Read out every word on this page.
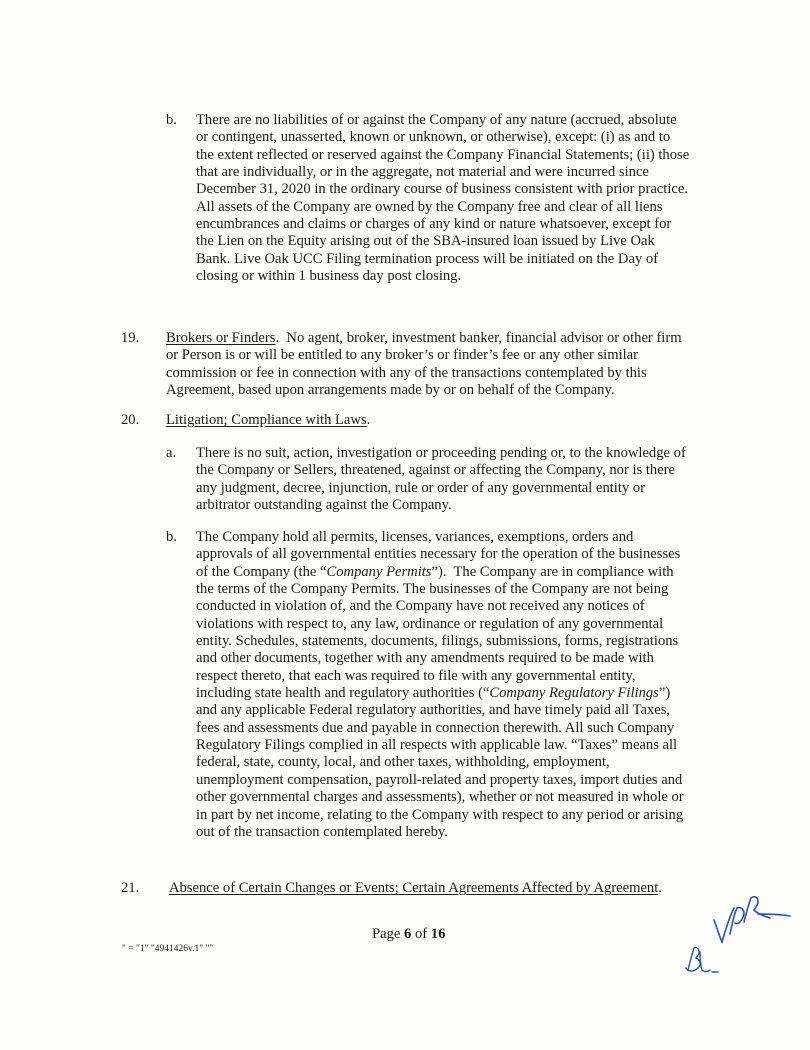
b. There are no liabilities of or against the Company of any nature (accrued, absolute
or contingent, unasserted, known or unknown, or otherwise), except: (i) as and to
the extent reflected or reserved against the Company Financial Statements; (ii) those
that are individually, or in the aggregate, not material and were incurred since
December 31, 2020 in the ordinary course of business consistent with prior practice.
All assets of the Company are owned by the Company free and clear of all liens
encumbrances and claims or charges of any kind or nature whatsoever, except for
the Lien on the Equity arising out of the SBA-insured loan issued by Live Oak
Bank. Live Oak UCC Filing termination process will be initiated on the Day of
closing or within 1 business day post closing.
19. Brokers or Finders.  No agent, broker, investment banker, financial advisor or other firm
or Person is or will be entitled to any broker’s or finder’s fee or any other similar
commission or fee in connection with any of the transactions contemplated by this
Agreement, based upon arrangements made by or on behalf of the Company.
20. Litigation; Compliance with Laws.
a. There is no suit, action, investigation or proceeding pending or, to the knowledge of
the Company or Sellers, threatened, against or affecting the Company, nor is there
any judgment, decree, injunction, rule or order of any governmental entity or
arbitrator outstanding against the Company.
b. The Company hold all permits, licenses, variances, exemptions, orders and
approvals of all governmental entities necessary for the operation of the businesses
of the Company (the “Company Permits”).  The Company are in compliance with
the terms of the Company Permits. The businesses of the Company are not being
conducted in violation of, and the Company have not received any notices of
violations with respect to, any law, ordinance or regulation of any governmental
entity. Schedules, statements, documents, filings, submissions, forms, registrations
and other documents, together with any amendments required to be made with
respect thereto, that each was required to file with any governmental entity,
including state health and regulatory authorities (“Company Regulatory Filings”)
and any applicable Federal regulatory authorities, and have timely paid all Taxes,
fees and assessments due and payable in connection therewith. All such Company
Regulatory Filings complied in all respects with applicable law. “Taxes” means all
federal, state, county, local, and other taxes, withholding, employment,
unemployment compensation, payroll-related and property taxes, import duties and
other governmental charges and assessments), whether or not measured in whole or
in part by net income, relating to the Company with respect to any period or arising
out of the transaction contemplated hereby.
21. Absence of Certain Changes or Events; Certain Agreements Affected by Agreement.
Page 6 of 16
" = "1" "4941426v.1" ""
